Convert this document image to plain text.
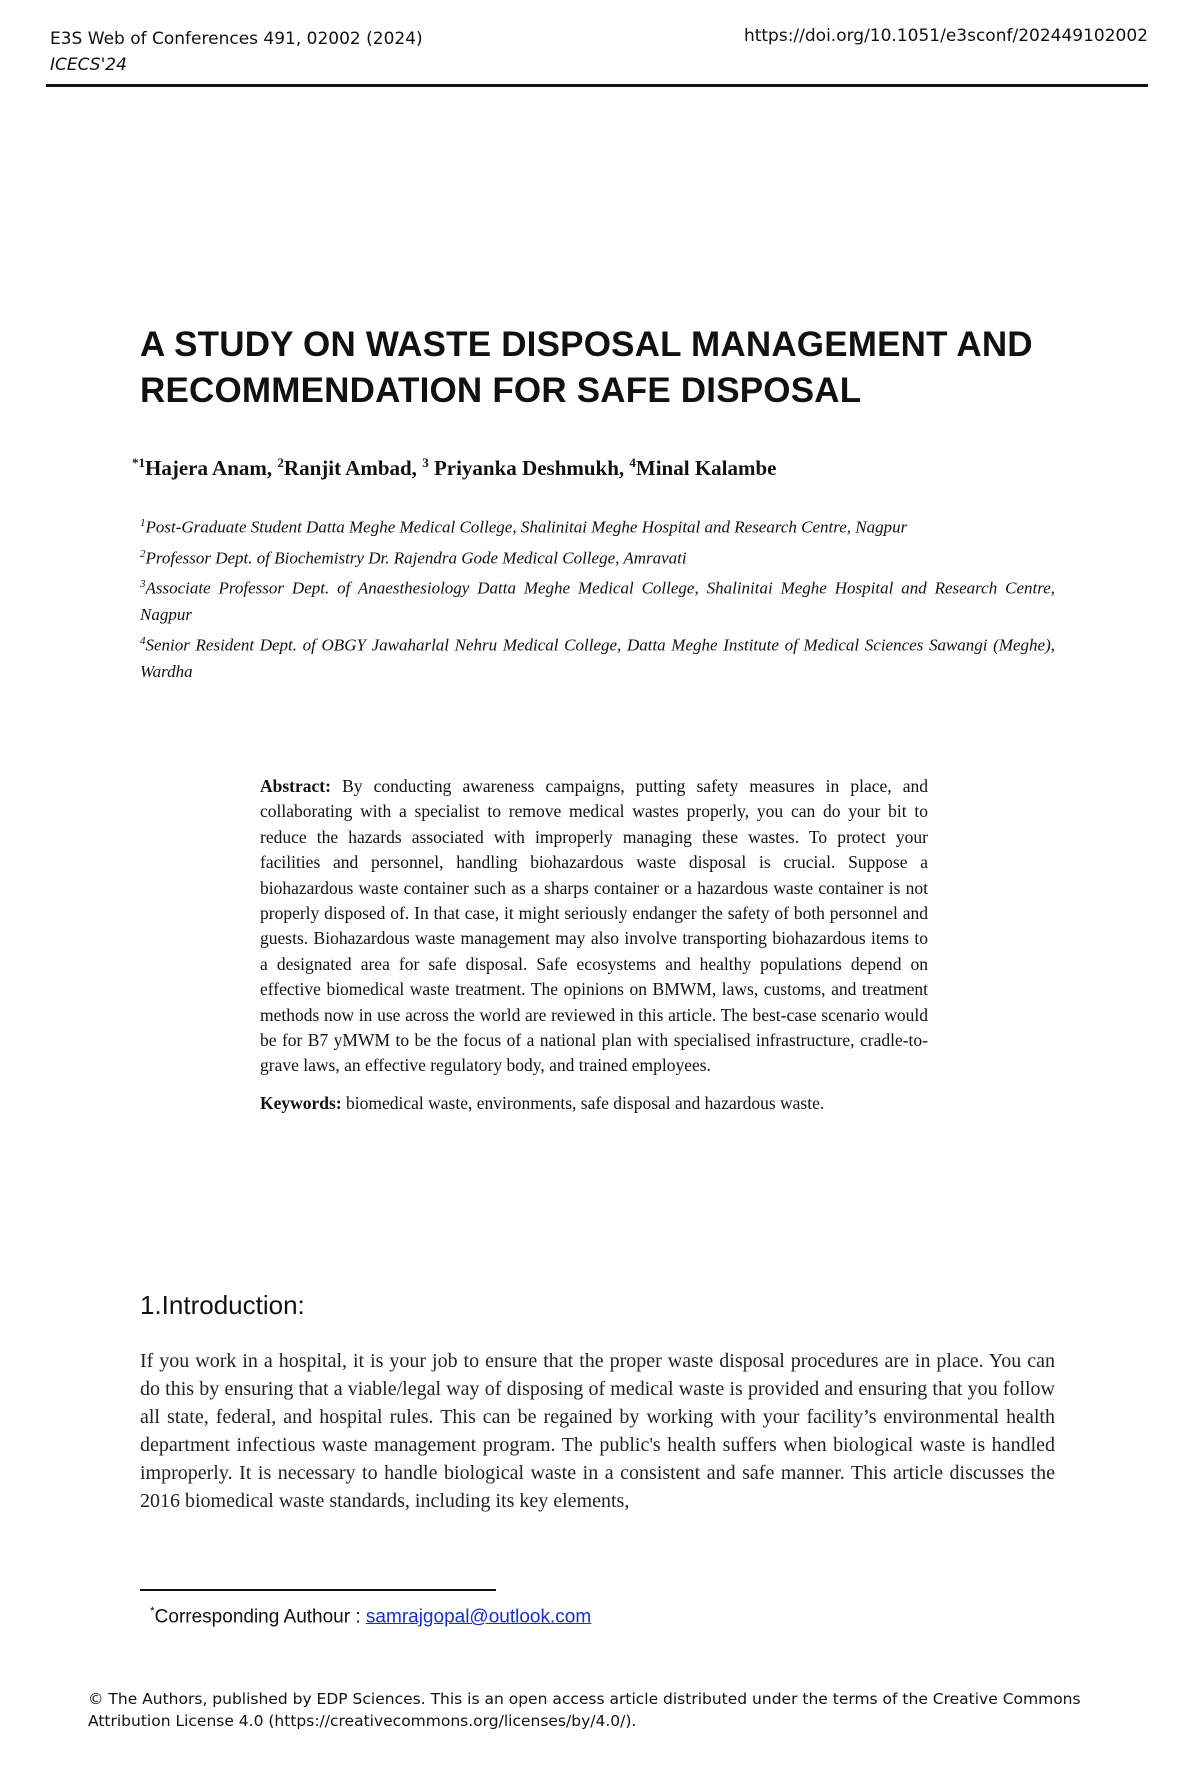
E3S Web of Conferences 491, 02002 (2024)
ICECS'24
https://doi.org/10.1051/e3sconf/202449102002
A STUDY ON WASTE DISPOSAL MANAGEMENT AND RECOMMENDATION FOR SAFE DISPOSAL
$^{*1}$Hajera Anam, $^2$Ranjit Ambad, $^3$ Priyanka Deshmukh, $^4$Minal Kalambe

$^1$Post-Graduate Student Datta Meghe Medical College, Shalinitai Meghe Hospital and Research Centre, Nagpur

$^2$Professor Dept. of Biochemistry Dr. Rajendra Gode Medical College, Amravati

$^3$Associate Professor Dept. of Anaesthesiology Datta Meghe Medical College, Shalinitai Meghe Hospital and Research Centre, Nagpur

$^4$Senior Resident Dept. of OBGY Jawaharlal Nehru Medical College, Datta Meghe Institute of Medical Sciences Sawangi (Meghe), Wardha

Abstract: By conducting awareness campaigns, putting safety measures in place, and collaborating with a specialist to remove medical wastes properly, you can do your bit to reduce the hazards associated with improperly managing these wastes. To protect your facilities and personnel, handling biohazardous waste disposal is crucial. Suppose a biohazardous waste container such as a sharps container or a hazardous waste container is not properly disposed of. In that case, it might seriously endanger the safety of both personnel and guests. Biohazardous waste management may also involve transporting biohazardous items to a designated area for safe disposal. Safe ecosystems and healthy populations depend on effective biomedical waste treatment. The opinions on BMWM, laws, customs, and treatment methods now in use across the world are reviewed in this article. The best-case scenario would be for B7 yMWM to be the focus of a national plan with specialised infrastructure, cradle-to-grave laws, an effective regulatory body, and trained employees.

Keywords: biomedical waste, environments, safe disposal and hazardous waste.

1.Introduction:

If you work in a hospital, it is your job to ensure that the proper waste disposal procedures are in place. You can do this by ensuring that a viable/legal way of disposing of medical waste is provided and ensuring that you follow all state, federal, and hospital rules. This can be regained by working with your facility’s environmental health department infectious waste management program. The public's health suffers when biological waste is handled improperly. It is necessary to handle biological waste in a consistent and safe manner. This article discusses the 2016 biomedical waste standards, including its key elements,

*Corresponding Authour : samrajgopal@outlook.com
© The Authors, published by EDP Sciences. This is an open access article distributed under the terms of the Creative Commons Attribution License 4.0 (https://creativecommons.org/licenses/by/4.0/).
